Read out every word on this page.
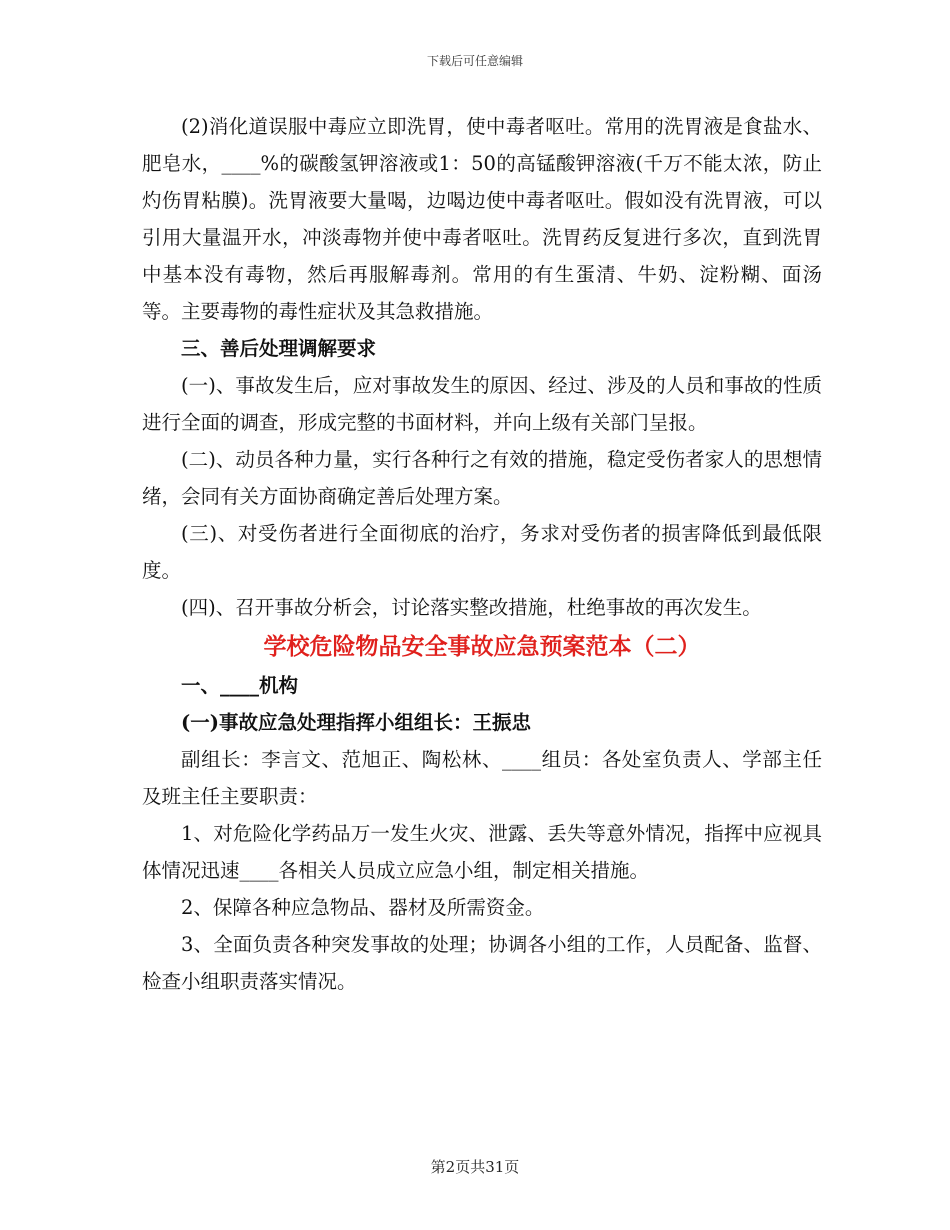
下载后可任意编辑

(2)消化道误服中毒应立即洗胃，使中毒者呕吐。常用的洗胃液是食盐水、肥皂水，____%的碳酸氢钾溶液或1：50的高锰酸钾溶液(千万不能太浓，防止灼伤胃粘膜)。洗胃液要大量喝，边喝边使中毒者呕吐。假如没有洗胃液，可以引用大量温开水，冲淡毒物并使中毒者呕吐。洗胃药反复进行多次，直到洗胃中基本没有毒物，然后再服解毒剂。常用的有生蛋清、牛奶、淀粉糊、面汤等。主要毒物的毒性症状及其急救措施。

三、善后处理调解要求

(一)、事故发生后，应对事故发生的原因、经过、涉及的人员和事故的性质进行全面的调查，形成完整的书面材料，并向上级有关部门呈报。

(二)、动员各种力量，实行各种行之有效的措施，稳定受伤者家人的思想情绪，会同有关方面协商确定善后处理方案。

(三)、对受伤者进行全面彻底的治疗，务求对受伤者的损害降低到最低限度。

(四)、召开事故分析会，讨论落实整改措施，杜绝事故的再次发生。

学校危险物品安全事故应急预案范本（二）

一、____机构

(一)事故应急处理指挥小组组长：王振忠

副组长：李言文、范旭正、陶松林、____组员：各处室负责人、学部主任及班主任主要职责：

1、对危险化学药品万一发生火灾、泄露、丢失等意外情况，指挥中应视具体情况迅速____各相关人员成立应急小组，制定相关措施。

2、保障各种应急物品、器材及所需资金。

3、全面负责各种突发事故的处理；协调各小组的工作，人员配备、监督、检查小组职责落实情况。

第2页共31页
